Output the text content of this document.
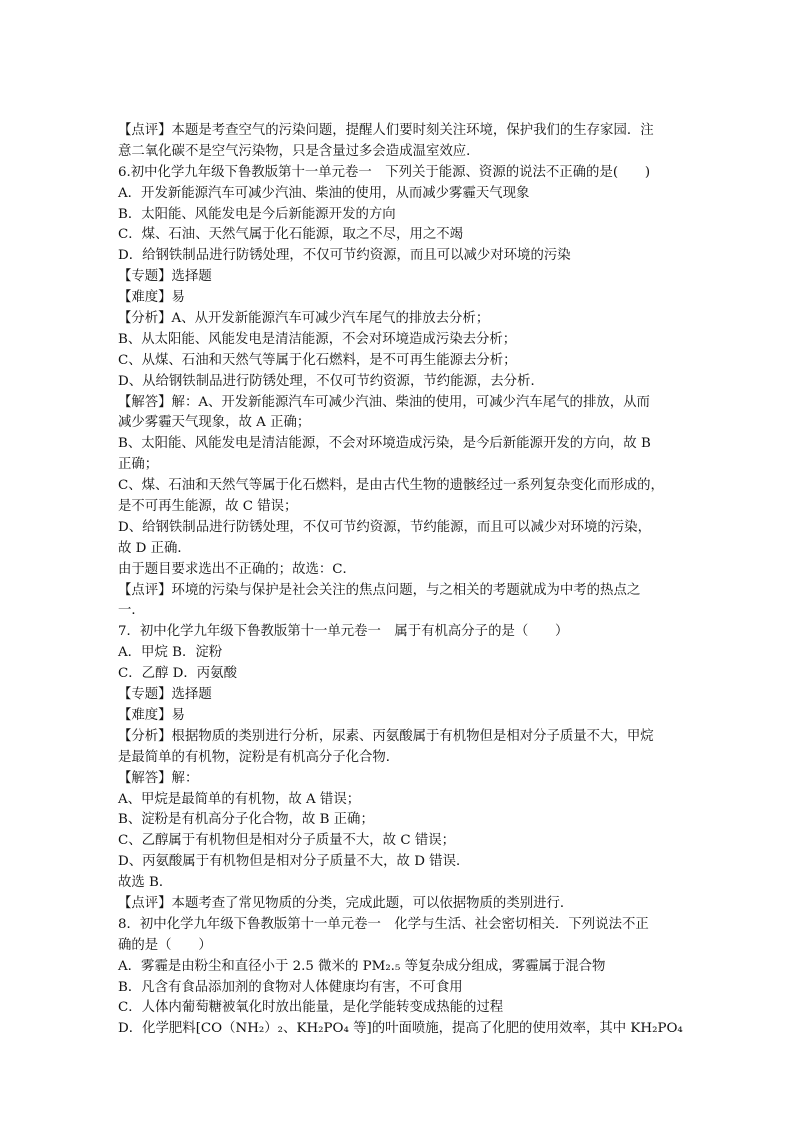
【点评】本题是考查空气的污染问题，提醒人们要时刻关注环境，保护我们的生存家园．注
意二氧化碳不是空气污染物，只是含量过多会造成温室效应．
6.初中化学九年级下鲁教版第十一单元卷一　下列关于能源、资源的说法不正确的是(　　)
A．开发新能源汽车可减少汽油、柴油的使用，从而减少雾霾天气现象
B．太阳能、风能发电是今后新能源开发的方向
C．煤、石油、天然气属于化石能源，取之不尽，用之不竭
D．给钢铁制品进行防锈处理，不仅可节约资源，而且可以减少对环境的污染
【专题】选择题
【难度】易
【分析】A、从开发新能源汽车可减少汽车尾气的排放去分析；
B、从太阳能、风能发电是清洁能源，不会对环境造成污染去分析；
C、从煤、石油和天然气等属于化石燃料，是不可再生能源去分析；
D、从给钢铁制品进行防锈处理，不仅可节约资源，节约能源，去分析．
【解答】解：A、开发新能源汽车可减少汽油、柴油的使用，可减少汽车尾气的排放，从而
减少雾霾天气现象，故 A 正确；
B、太阳能、风能发电是清洁能源，不会对环境造成污染，是今后新能源开发的方向，故 B
正确；
C、煤、石油和天然气等属于化石燃料，是由古代生物的遗骸经过一系列复杂变化而形成的，
是不可再生能源，故 C 错误；
D、给钢铁制品进行防锈处理，不仅可节约资源，节约能源，而且可以减少对环境的污染，
故 D 正确．
由于题目要求选出不正确的；故选：C．
【点评】环境的污染与保护是社会关注的焦点问题，与之相关的考题就成为中考的热点之
一．
7．初中化学九年级下鲁教版第十一单元卷一　属于有机高分子的是（　　）
A．甲烷 B．淀粉
C．乙醇 D．丙氨酸
【专题】选择题
【难度】易
【分析】根据物质的类别进行分析，尿素、丙氨酸属于有机物但是相对分子质量不大，甲烷
是最简单的有机物，淀粉是有机高分子化合物．
【解答】解：
A、甲烷是最简单的有机物，故 A 错误；
B、淀粉是有机高分子化合物，故 B 正确；
C、乙醇属于有机物但是相对分子质量不大，故 C 错误；
D、丙氨酸属于有机物但是相对分子质量不大，故 D 错误．
故选 B．
【点评】本题考查了常见物质的分类，完成此题，可以依据物质的类别进行．
8．初中化学九年级下鲁教版第十一单元卷一　化学与生活、社会密切相关．下列说法不正
确的是（　　）
A．雾霾是由粉尘和直径小于 2.5 微米的 PM₂.₅ 等复杂成分组成，雾霾属于混合物
B．凡含有食品添加剂的食物对人体健康均有害，不可食用
C．人体内葡萄糖被氧化时放出能量，是化学能转变成热能的过程
D．化学肥料[CO（NH₂）₂、KH₂PO₄ 等]的叶面喷施，提高了化肥的使用效率，其中 KH₂PO₄
